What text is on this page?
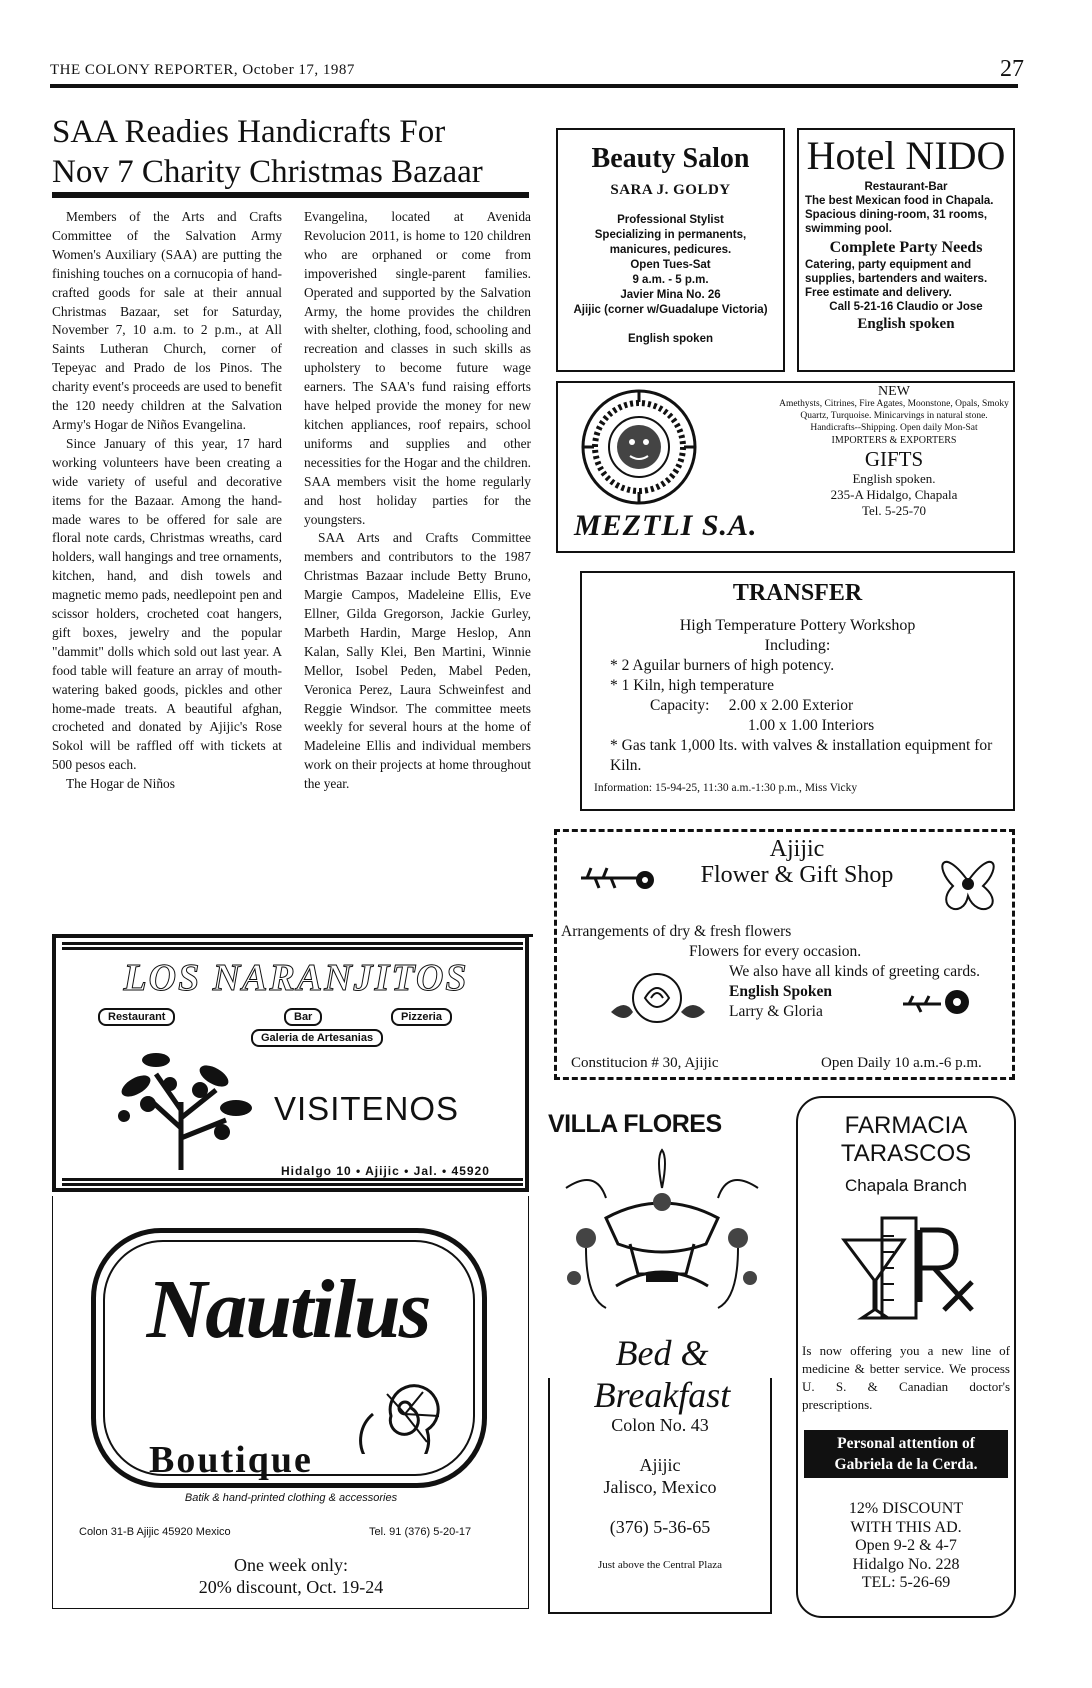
THE COLONY REPORTER, October 17, 1987	27
SAA Readies Handicrafts For
Nov 7 Charity Christmas Bazaar

Members of the Arts and Crafts Committee of the Salvation Army Women's Auxiliary (SAA) are putting the finishing touches on a cornucopia of hand-crafted goods for sale at their annual Christmas Bazaar, set for Saturday, November 7, 10 a.m. to 2 p.m., at All Saints Lutheran Church, corner of Tepeyac and Prado de los Pinos. The charity event's proceeds are used to benefit the 120 needy children at the Salvation Army's Hogar de Niños Evangelina.

Since January of this year, 17 hard working volunteers have been creating a wide variety of useful and decorative items for the Bazaar. Among the hand-made wares to be offered for sale are floral note cards, Christmas wreaths, card holders, wall hangings and tree ornaments, kitchen, hand, and dish towels and magnetic memo pads, needlepoint pen and scissor holders, crocheted coat hangers, gift boxes, jewelry and the popular "dammit" dolls which sold out last year. A food table will feature an array of mouth-watering baked goods, pickles and other home-made treats. A beautiful afghan, crocheted and donated by Ajijic's Rose Sokol will be raffled off with tickets at 500 pesos each.

The Hogar de Niños

Evangelina, located at Avenida Revolucion 2011, is home to 120 children who are orphaned or come from impoverished single-parent families. Operated and supported by the Salvation Army, the home provides the children with shelter, clothing, food, schooling and recreation and classes in such skills as upholstery to become future wage earners. The SAA's fund raising efforts have helped provide the money for new kitchen appliances, roof repairs, school uniforms and supplies and other necessities for the Hogar and the children. SAA members visit the home regularly and host holiday parties for the youngsters.

SAA Arts and Crafts Committee members and contributors to the 1987 Christmas Bazaar include Betty Bruno, Margie Campos, Madeleine Ellis, Eve Ellner, Gilda Gregorson, Jackie Gurley, Marbeth Hardin, Marge Heslop, Ann Kalan, Sally Klei, Ben Martini, Winnie Mellor, Isobel Peden, Mabel Peden, Veronica Perez, Laura Schweinfest and Reggie Windsor. The committee meets weekly for several hours at the home of Madeleine Ellis and individual members work on their projects at home throughout the year.

Beauty Salon
SARA J. GOLDY
Professional Stylist
Specializing in permanents, manicures, pedicures.
Open Tues-Sat
9 a.m. - 5 p.m.
Javier Mina No. 26
Ajijic (corner w/Guadalupe Victoria)
English spoken
Hotel NIDO
Restaurant-Bar
The best Mexican food in Chapala. Spacious dining-room, 31 rooms, swimming pool.
Complete Party Needs
Catering, party equipment and supplies, bartenders and waiters. Free estimate and delivery.
Call 5-21-16 Claudio or Jose
English spoken
MEZTLI S.A.
NEW
Amethysts, Citrines, Fire Agates, Moonstone, Opals, Smoky Quartz, Turquoise. Minicarvings in natural stone. Handicrafts--Shipping. Open daily Mon-Sat
IMPORTERS & EXPORTERS
GIFTS
English spoken.
235-A Hidalgo, Chapala
Tel. 5-25-70
TRANSFER
High Temperature Pottery Workshop
Including:
* 2 Aguilar burners of high potency.
* 1 Kiln, high temperature
Capacity: 2.00 x 2.00 Exterior
1.00 x 1.00 Interiors
* Gas tank 1,000 lts. with valves & installation equipment for Kiln.
Information: 15-94-25, 11:30 a.m.-1:30 p.m., Miss Vicky
Ajijic
Flower & Gift Shop
Arrangements of dry & fresh flowers
Flowers for every occasion.
We also have all kinds of greeting cards.
English Spoken
Larry & Gloria
Constitucion # 30, Ajijic	Open Daily 10 a.m.-6 p.m.
LOS NARANJITOS
Restaurant	Bar	Pizzeria
Galeria de Artesanias
VISITENOS
Hidalgo 10 • Ajijic • Jal. • 45920
Nautilus
Boutique
Batik & hand-printed clothing & accessories
Colon 31-B Ajijic 45920 Mexico	Tel. 91 (376) 5-20-17
One week only:
20% discount, Oct. 19-24
VILLA FLORES
Bed & Breakfast
Colon No. 43
Ajijic
Jalisco, Mexico
(376) 5-36-65
Just above the Central Plaza
FARMACIA
TARASCOS
Chapala Branch
Is now offering you a new line of medicine & better service. We process U. S. & Canadian doctor's prescriptions.
Personal attention of
Gabriela de la Cerda.
12% DISCOUNT
WITH THIS AD.
Open 9-2 & 4-7
Hidalgo No. 228
TEL: 5-26-69
